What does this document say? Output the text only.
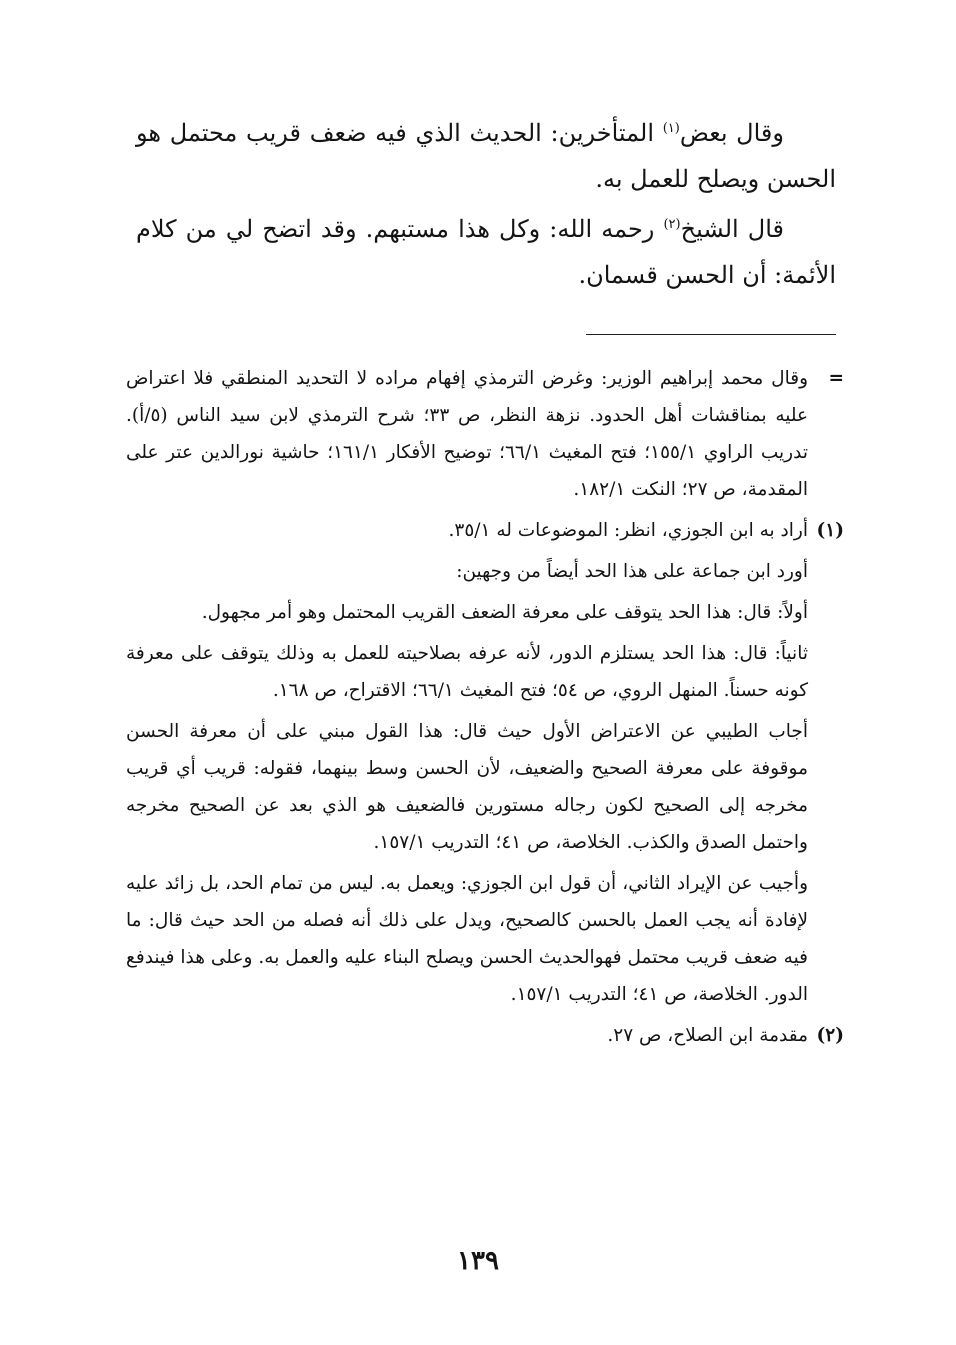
وقال بعض$^{(١)}$ المتأخرين: الحديث الذي فيه ضعف قريب محتمل هو الحسن ويصلح للعمل به.

قال الشيخ$^{(٢)}$ رحمه الله: وكل هذا مستبهم. وقد اتضح لي من كلام الأئمة: أن الحسن قسمان.

=

وقال محمد إبراهيم الوزير: وغرض الترمذي إفهام مراده لا التحديد المنطقي فلا اعتراض عليه بمناقشات أهل الحدود. نزهة النظر، ص ٣٣؛ شرح الترمذي لابن سيد الناس (٥/أ). تدريب الراوي ١٥٥/١؛ فتح المغيث ٦٦/١؛ توضيح الأفكار ١٦١/١؛ حاشية نورالدين عتر على المقدمة، ص ٢٧؛ النكت ١٨٢/١.

(١)

أراد به ابن الجوزي، انظر: الموضوعات له ٣٥/١.

أورد ابن جماعة على هذا الحد أيضاً من وجهين:

أولاً: قال: هذا الحد يتوقف على معرفة الضعف القريب المحتمل وهو أمر مجهول.

ثانياً: قال: هذا الحد يستلزم الدور، لأنه عرفه بصلاحيته للعمل به وذلك يتوقف على معرفة كونه حسناً. المنهل الروي، ص ٥٤؛ فتح المغيث ٦٦/١؛ الاقتراح، ص ١٦٨.

أجاب الطيبي عن الاعتراض الأول حيث قال: هذا القول مبني على أن معرفة الحسن موقوفة على معرفة الصحيح والضعيف، لأن الحسن وسط بينهما، فقوله: قريب أي قريب مخرجه إلى الصحيح لكون رجاله مستورين فالضعيف هو الذي بعد عن الصحيح مخرجه واحتمل الصدق والكذب. الخلاصة، ص ٤١؛ التدريب ١٥٧/١.

وأجيب عن الإيراد الثاني، أن قول ابن الجوزي: ويعمل به. ليس من تمام الحد، بل زائد عليه لإفادة أنه يجب العمل بالحسن كالصحيح، ويدل على ذلك أنه فصله من الحد حيث قال: ما فيه ضعف قريب محتمل فهوالحديث الحسن ويصلح البناء عليه والعمل به. وعلى هذا فيندفع الدور. الخلاصة، ص ٤١؛ التدريب ١٥٧/١.

(٢)

مقدمة ابن الصلاح، ص ٢٧.

١٣٩
